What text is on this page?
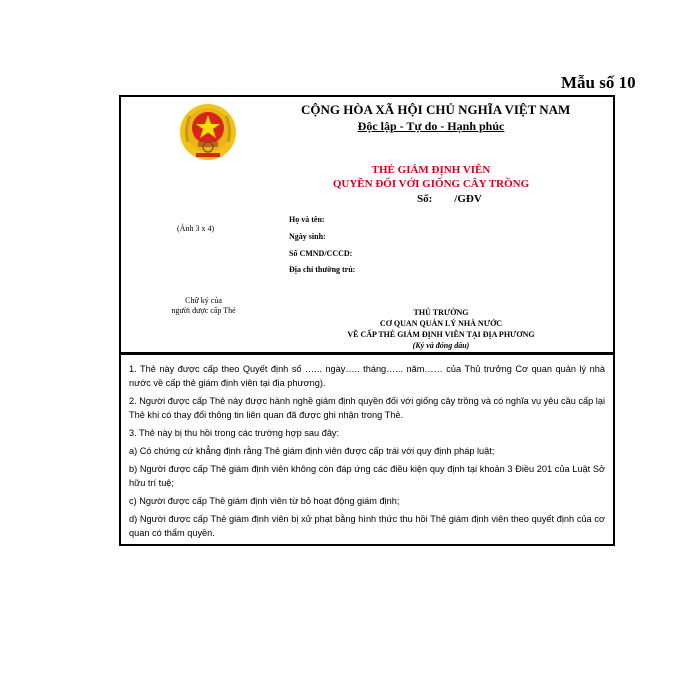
Mẫu số 10
CỘNG HÒA XÃ HỘI CHỦ NGHĨA VIỆT NAM
Độc lập - Tự do - Hạnh phúc
THẺ GIÁM ĐỊNH VIÊN
QUYỀN ĐỐI VỚI GIỐNG CÂY TRỒNG
Số:        /GĐV
(Ảnh 3 x 4)
Họ và tên:
Ngày sinh:
Số CMND/CCCD:
Địa chỉ thường trú:
Chữ ký của
người được cấp Thẻ	THỦ TRƯỞNG
CƠ QUAN QUẢN LÝ NHÀ NƯỚC
VỀ CẤP THẺ GIÁM ĐỊNH VIÊN TẠI ĐỊA PHƯƠNG
(Ký và đóng dấu)

1. Thẻ này được cấp theo Quyết định số …... ngày….. tháng…... năm…… của Thủ trưởng Cơ quan quản lý nhà nước về cấp thẻ giám định viên tại địa phương).

2. Người được cấp Thẻ này được hành nghề giám định quyền đối với giống cây trồng và có nghĩa vụ yêu cầu cấp lại Thẻ khi có thay đổi thông tin liên quan đã được ghi nhận trong Thẻ.

3. Thẻ này bị thu hồi trong các trường hợp sau đây:

a) Có chứng cứ khẳng định rằng Thẻ giám định viên được cấp trái với quy định pháp luật;

b) Người được cấp Thẻ giám định viên không còn đáp ứng các điều kiện quy định tại khoản 3 Điều 201 của Luật Sở hữu trí tuệ;

c) Người được cấp Thẻ giám định viên từ bỏ hoạt động giám định;

d) Người được cấp Thẻ giám định viên bị xử phạt bằng hình thức thu hồi Thẻ giám định viên theo quyết định của cơ quan có thẩm quyền.
